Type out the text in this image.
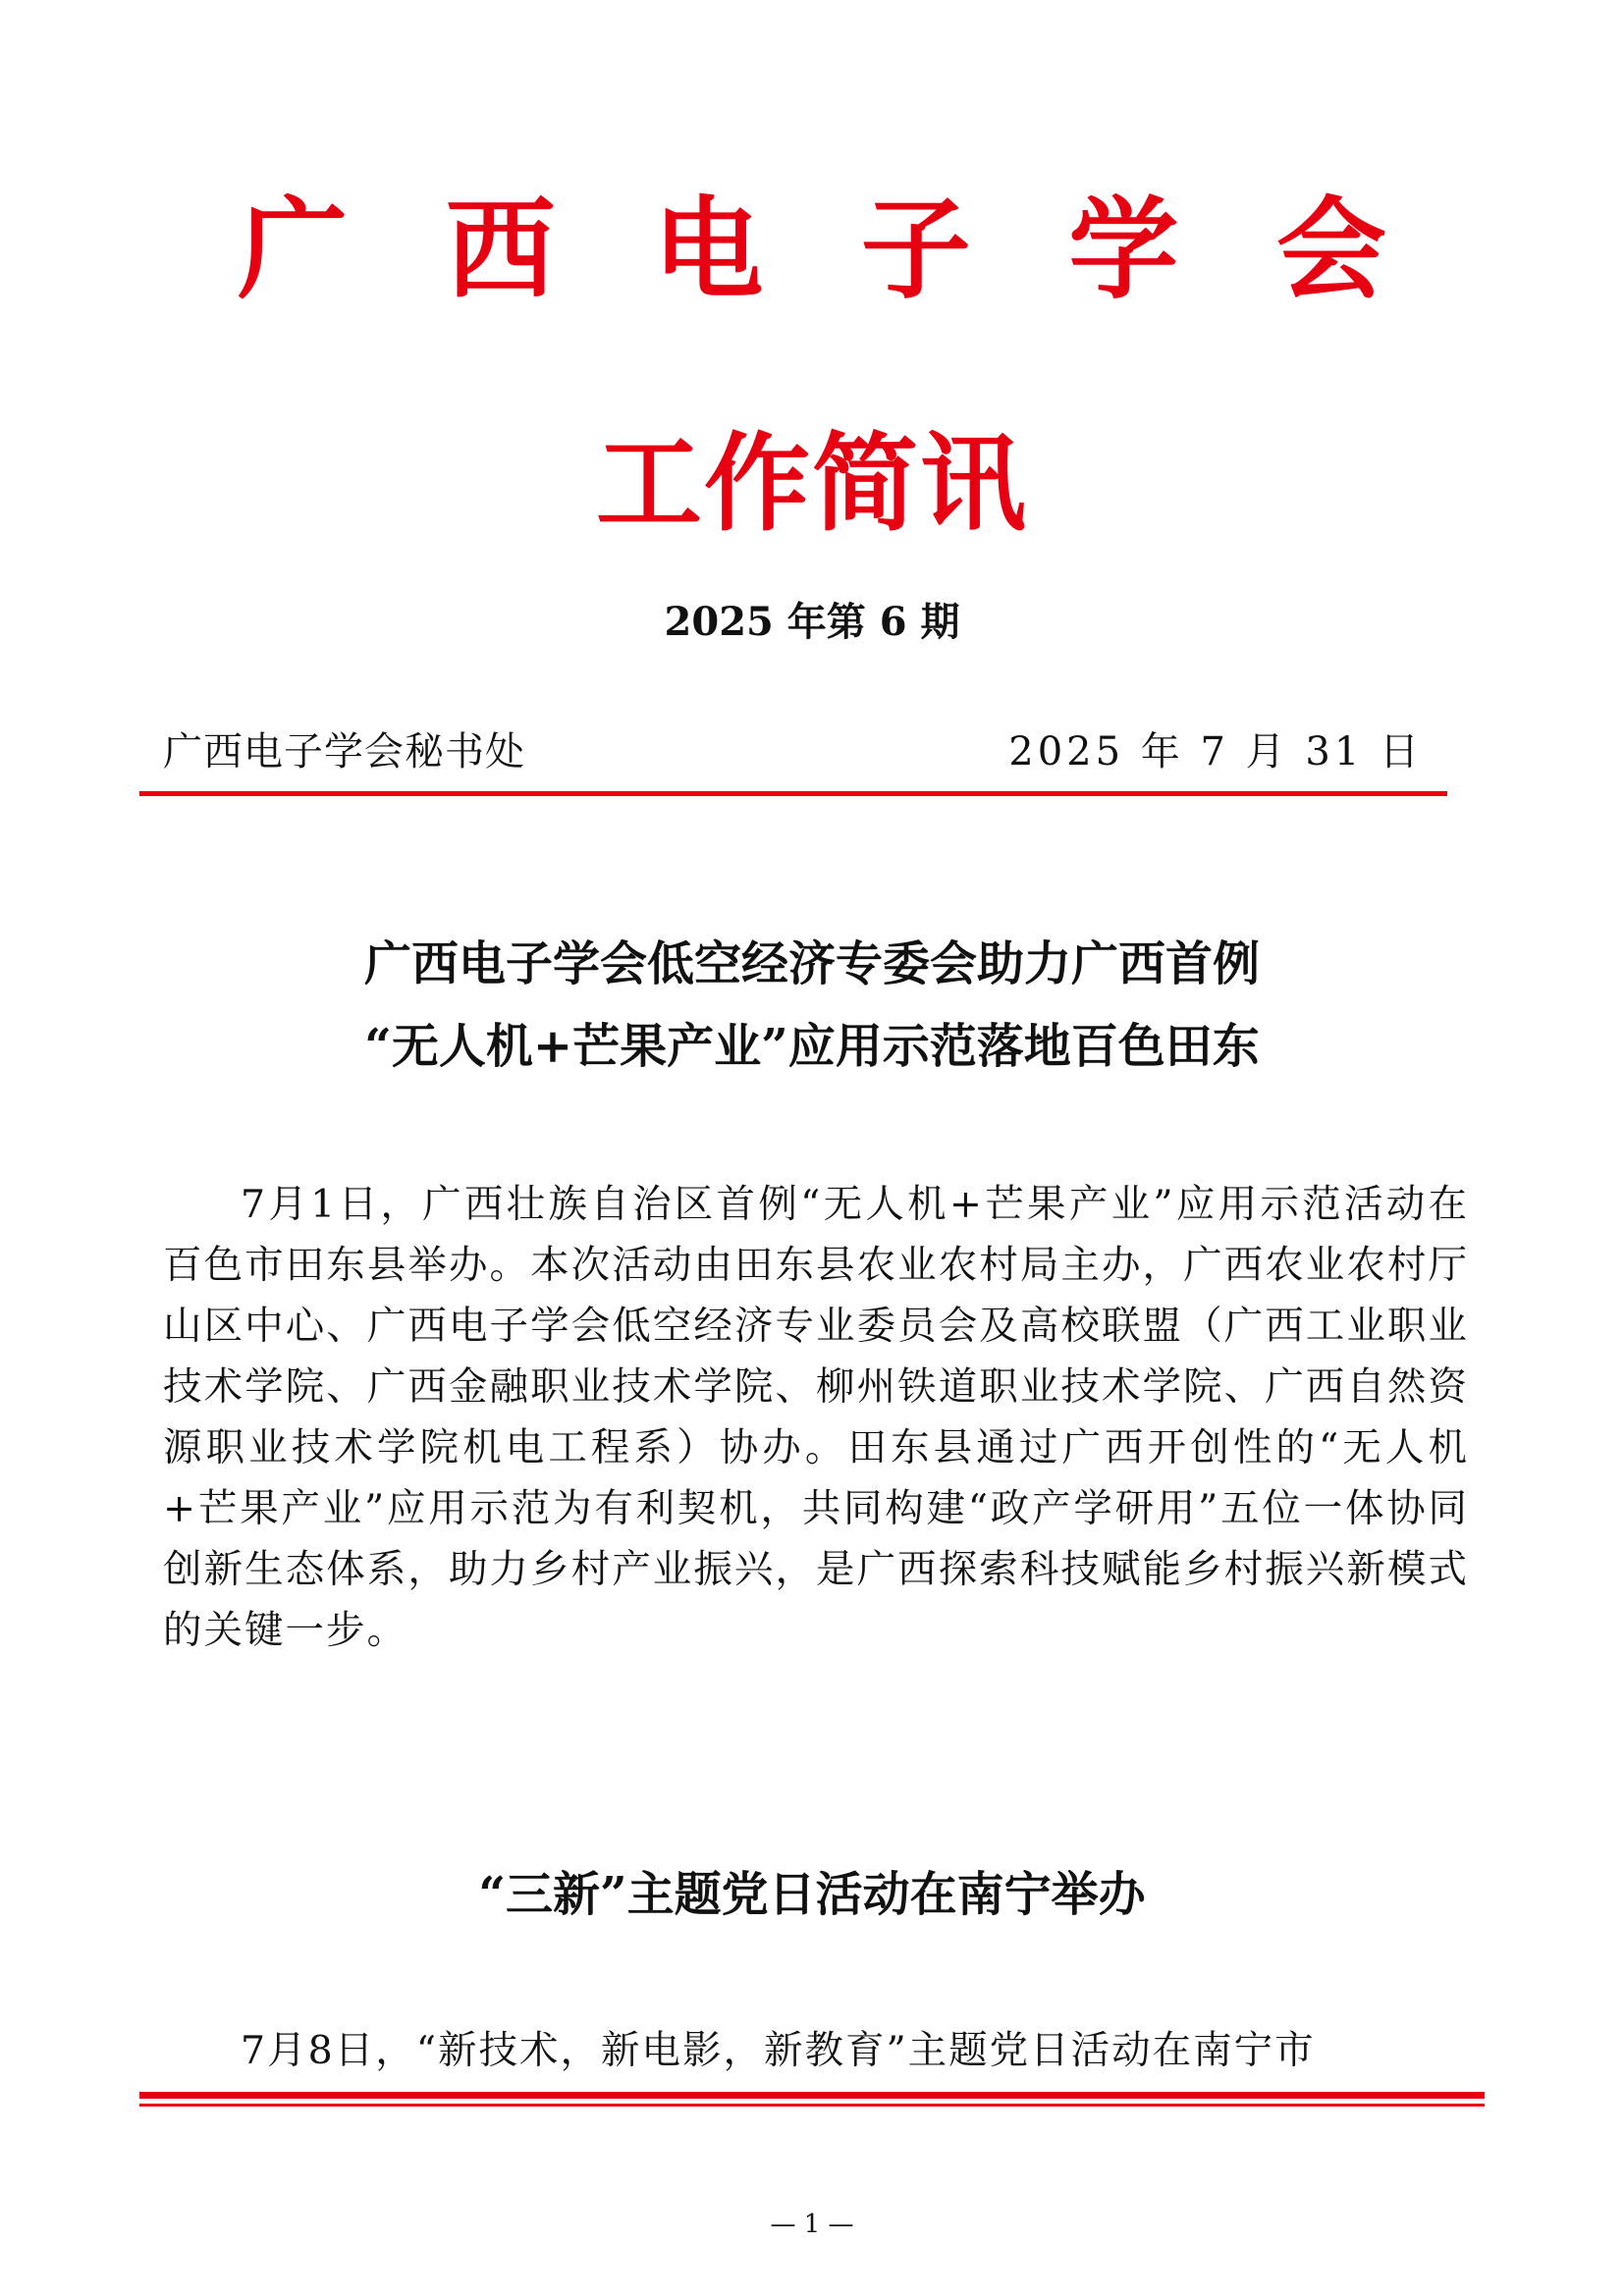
广 西 电 子 学 会
工作简讯
2025 年第 6 期
广西电子学会秘书处	2025 年 7 月 31 日
广西电子学会低空经济专委会助力广西首例
“无人机+芒果产业”应用示范落地百色田东
7月1日，广西壮族自治区首例“无人机+芒果产业”应用示范活动在百色市田东县举办。本次活动由田东县农业农村局主办，广西农业农村厅山区中心、广西电子学会低空经济专业委员会及高校联盟（广西工业职业技术学院、广西金融职业技术学院、柳州铁道职业技术学院、广西自然资源职业技术学院机电工程系）协办。田东县通过广西开创性的“无人机+芒果产业”应用示范为有利契机，共同构建“政产学研用”五位一体协同创新生态体系，助力乡村产业振兴，是广西探索科技赋能乡村振兴新模式的关键一步。
“三新”主题党日活动在南宁举办
7月8日，“新技术，新电影，新教育”主题党日活动在南宁市
— 1 —
